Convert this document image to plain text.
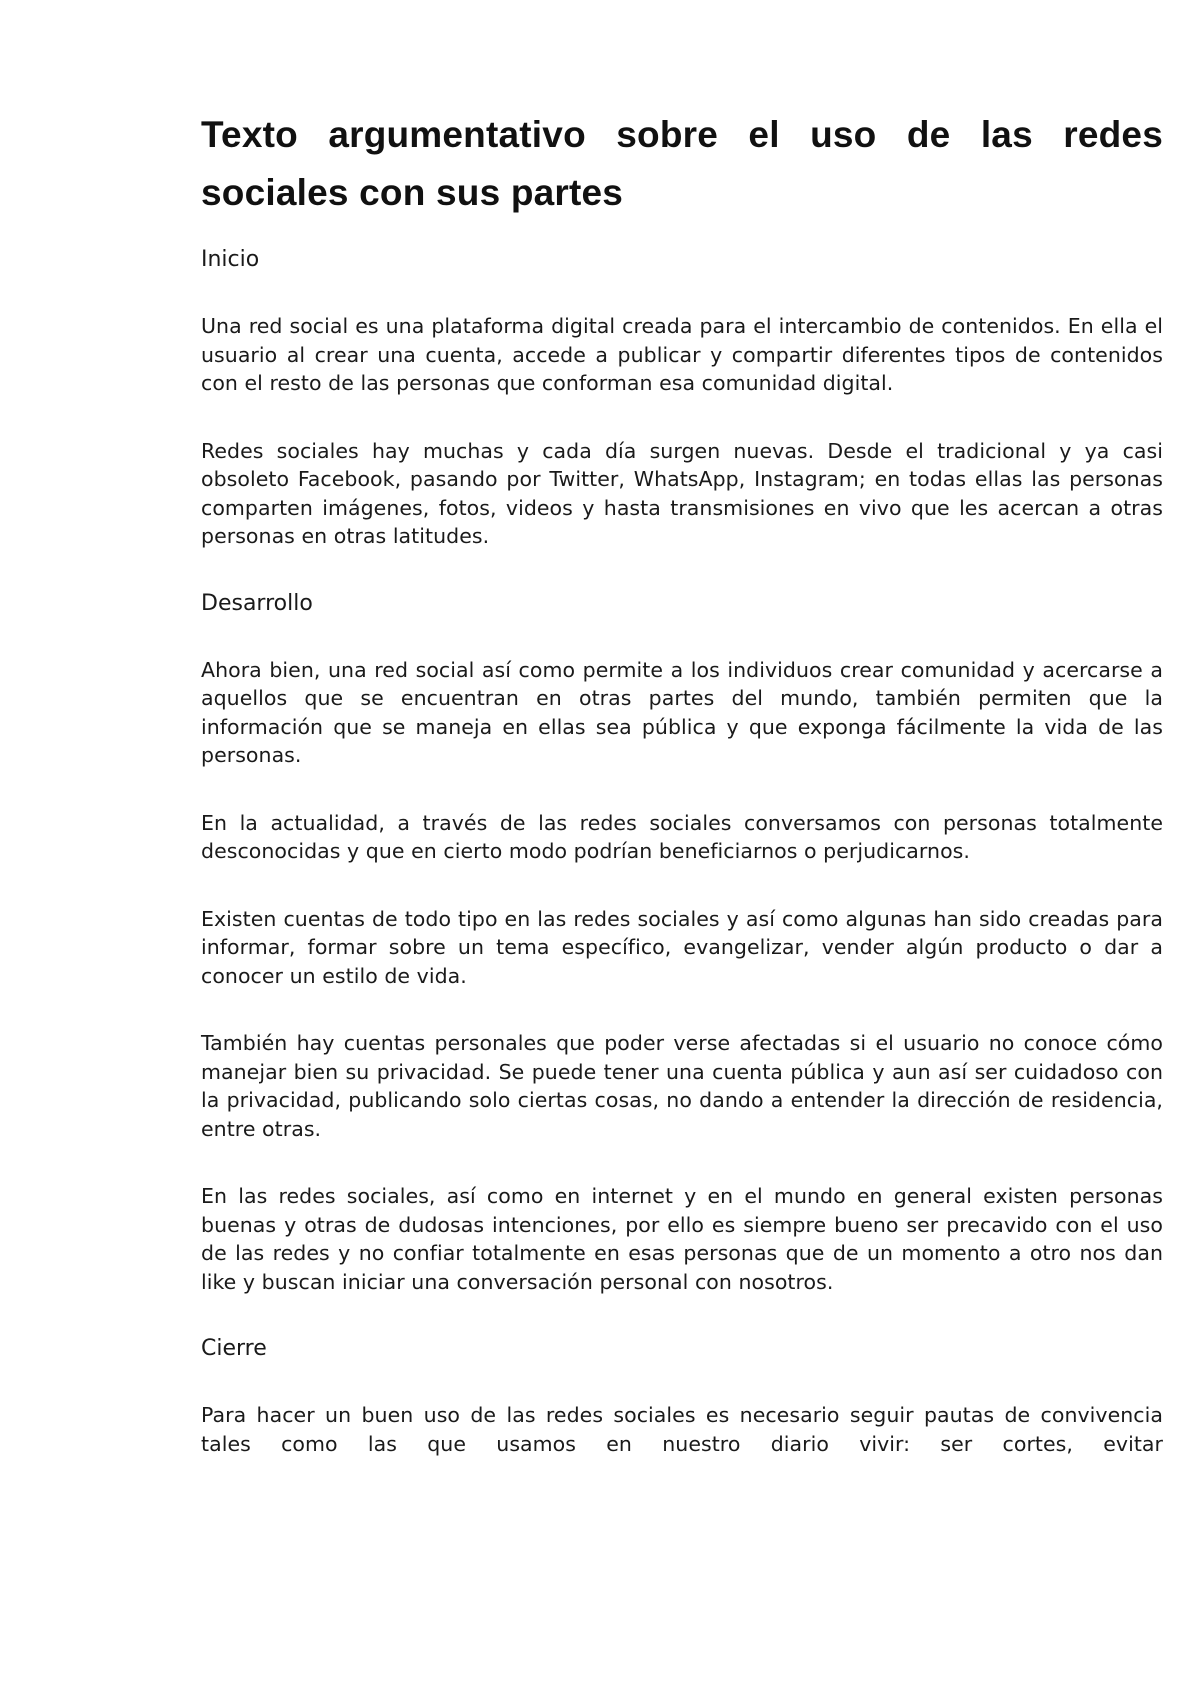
Texto argumentativo sobre el uso de las redes sociales con sus partes
Inicio

Una red social es una plataforma digital creada para el intercambio de contenidos. En ella el usuario al crear una cuenta, accede a publicar y compartir diferentes tipos de contenidos con el resto de las personas que conforman esa comunidad digital.

Redes sociales hay muchas y cada día surgen nuevas. Desde el tradicional y ya casi obsoleto Facebook, pasando por Twitter, WhatsApp, Instagram; en todas ellas las personas comparten imágenes, fotos, videos y hasta transmisiones en vivo que les acercan a otras personas en otras latitudes.

Desarrollo

Ahora bien, una red social así como permite a los individuos crear comunidad y acercarse a aquellos que se encuentran en otras partes del mundo, también permiten que la información que se maneja en ellas sea pública y que exponga fácilmente la vida de las personas.

En la actualidad, a través de las redes sociales conversamos con personas totalmente desconocidas y que en cierto modo podrían beneficiarnos o perjudicarnos.

Existen cuentas de todo tipo en las redes sociales y así como algunas han sido creadas para informar, formar sobre un tema específico, evangelizar, vender algún producto o dar a conocer un estilo de vida.

También hay cuentas personales que poder verse afectadas si el usuario no conoce cómo manejar bien su privacidad. Se puede tener una cuenta pública y aun así ser cuidadoso con la privacidad, publicando solo ciertas cosas, no dando a entender la dirección de residencia, entre otras.

En las redes sociales, así como en internet y en el mundo en general existen personas buenas y otras de dudosas intenciones, por ello es siempre bueno ser precavido con el uso de las redes y no confiar totalmente en esas personas que de un momento a otro nos dan like y buscan iniciar una conversación personal con nosotros.

Cierre

Para hacer un buen uso de las redes sociales es necesario seguir pautas de convivencia tales como las que usamos en nuestro diario vivir: ser cortes, evitar
